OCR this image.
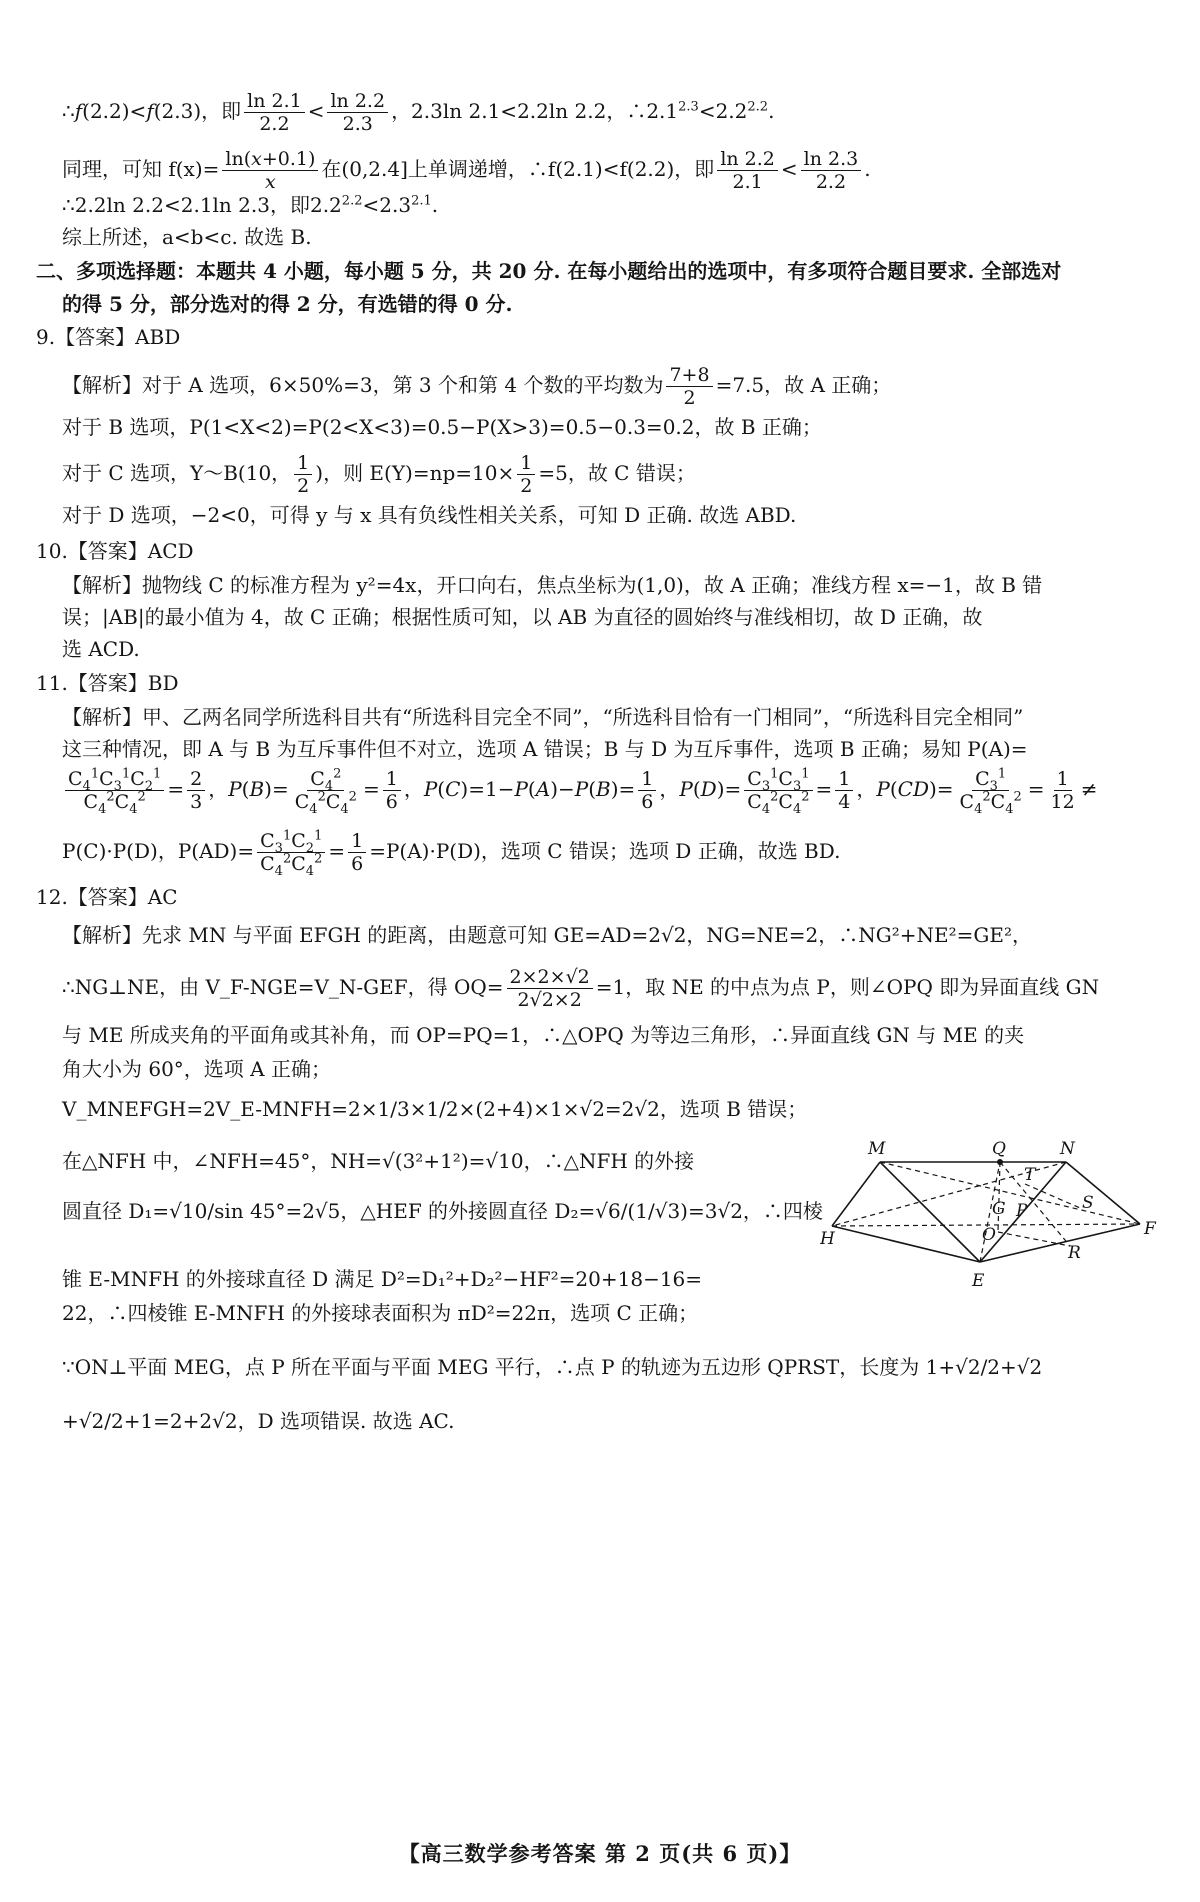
∴f(2.2)<f(2.3)，即 $\frac{\ln 2.1}{2.2} < \frac{\ln 2.2}{2.3}$ ，2.3ln 2.1<2.2ln 2.2，$\therefore 2.1^{2.3}<2.2^{2.2}$.
同理，可知 $f(x)= \frac{\ln(x+0.1)}{x}$ 在(0,2.4]上单调递增，∴f(2.1)<f(2.2)，即 $\frac{\ln 2.2}{2.1} < \frac{\ln 2.3}{2.2}$ .
∴2.2ln 2.2<2.1ln 2.3，即$2.2^{2.2}<2.3^{2.1}$.
综上所述，a<b<c. 故选 B.
二、多项选择题：本题共 4 小题，每小题 5 分，共 20 分. 在每小题给出的选项中，有多项符合题目要求. 全部选对
的得 5 分，部分选对的得 2 分，有选错的得 0 分.
9.【答案】ABD
【解析】对于 A 选项，6×50%=3，第 3 个和第 4 个数的平均数为 $\frac{7+8}{2} =7.5$，故 A 正确；
对于 B 选项，P(1<X<2)=P(2<X<3)=0.5−P(X>3)=0.5−0.3=0.2，故 B 正确；
对于 C 选项，Y～B(10， $\frac{1}{2}$ )，则 $E(Y)=np=10\times \frac{1}{2} =5$，故 C 错误；
对于 D 选项，−2<0，可得 y 与 x 具有负线性相关关系，可知 D 正确. 故选 ABD.
10.【答案】ACD
【解析】抛物线 C 的标准方程为 y²=4x，开口向右，焦点坐标为(1,0)，故 A 正确；准线方程 x=−1，故 B 错
误；|AB|的最小值为 4，故 C 正确；根据性质可知，以 AB 为直径的圆始终与准线相切，故 D 正确，故
选 ACD.
11.【答案】BD
【解析】甲、乙两名同学所选科目共有“所选科目完全不同”，“所选科目恰有一门相同”，“所选科目完全相同”
这三种情况，即 A 与 B 为互斥事件但不对立，选项 A 错误；B 与 D 为互斥事件，选项 B 正确；易知 P(A)=
$\frac{C_4^1C_3^1C_2^1}{C_4^2C_4^2} = \frac{2}{3}$ ，$P(B)= \frac{C_4^2}{C_4^2C_4^2} = \frac{1}{6}$ ，$P(C)=1-P(A)-P(B)= \frac{1}{6}$ ，$P(D)= \frac{C_3^1C_3^1}{C_4^2C_4^2} = \frac{1}{4}$ ，$P(CD)= \frac{C_3^1}{C_4^2C_4^2} = \frac{1}{12}$ ≠
P(C)·P(D)，$P(AD)= \frac{C_3^1C_2^1}{C_4^2C_4^2} = \frac{1}{6} =P(A)\cdot P(D)$，选项 C 错误；选项 D 正确，故选 BD.
12.【答案】AC
【解析】先求 MN 与平面 EFGH 的距离，由题意可知 GE=AD=2√2，NG=NE=2，∴NG²+NE²=GE²，
∴NG⊥NE，由 V_F-NGE=V_N-GEF，得 $OQ= \frac{2\times 2\times√2}{2√2\times 2} =1$，取 NE 的中点为点 P，则∠OPQ 即为异面直线 GN
与 ME 所成夹角的平面角或其补角，而 OP=PQ=1，∴△OPQ 为等边三角形，∴异面直线 GN 与 ME 的夹
角大小为 60°，选项 A 正确；
V_MNEFGH=2V_E-MNFH=2×1/3×1/2×(2+4)×1×√2=2√2，选项 B 错误；
在△NFH 中，∠NFH=45°，NH=√(3²+1²)=√10，∴△NFH 的外接
圆直径 D₁=√10/sin 45°=2√5，△HEF 的外接圆直径 D₂=√6/(1/√3)=3√2，∴四棱
锥 E-MNFH 的外接球直径 D 满足 D²=D₁²+D₂²−HF²=20+18−16=
22，∴四棱锥 E-MNFH 的外接球表面积为 πD²=22π，选项 C 正确；
∵ON⊥平面 MEG，点 P 所在平面与平面 MEG 平行，∴点 P 的轨迹为五边形 QPRST，长度为 1+√2/2+√2
+√2/2+1=2+2√2，D 选项错误. 故选 AC.
M	Q	N
T
G P	S
H	O
R
F
E
【高三数学参考答案 第 2 页(共 6 页)】
